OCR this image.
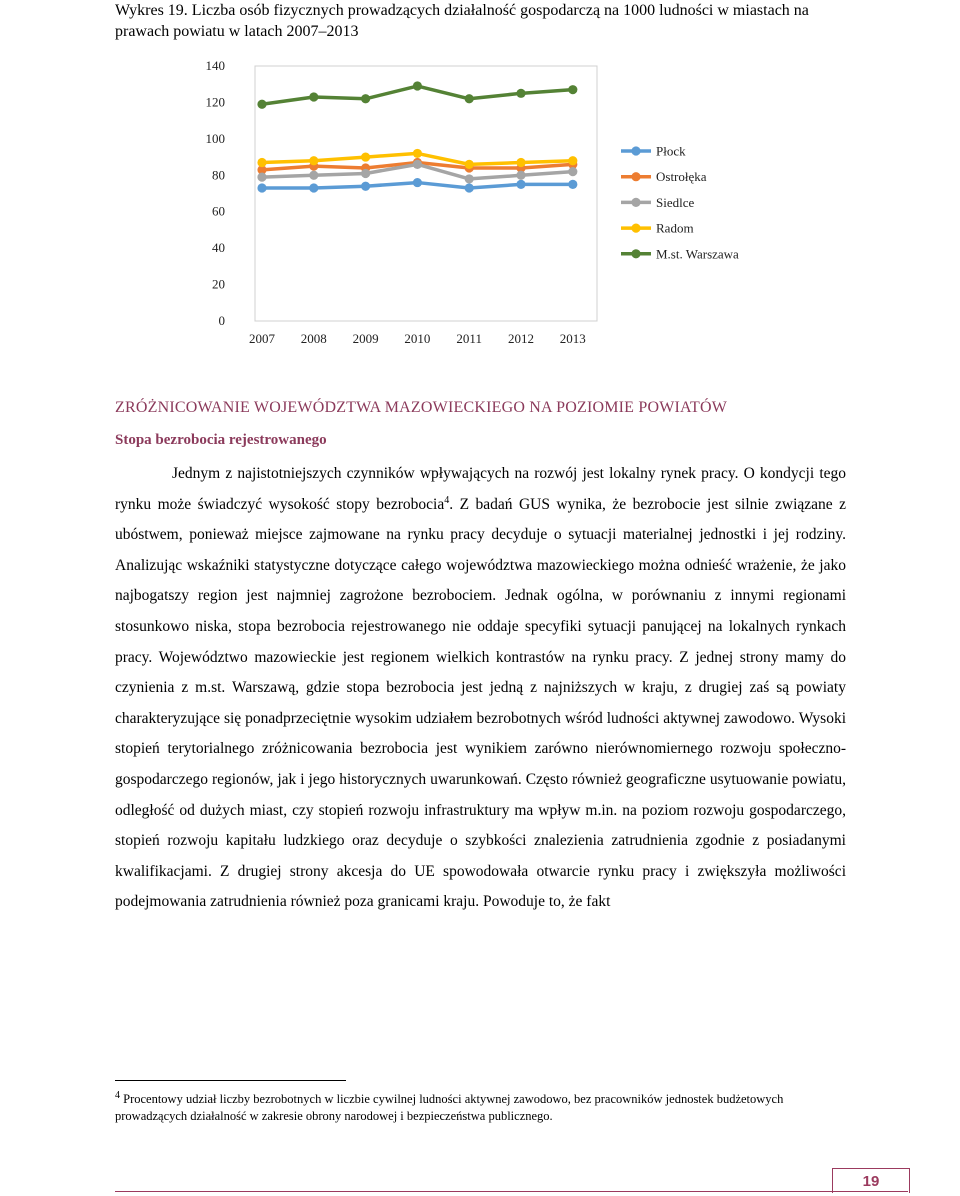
Wykres 19. Liczba osób fizycznych prowadzących działalność gospodarczą na 1000 ludności w miastach na prawach powiatu w latach 2007–2013
0
20
40
60
80
100
120
140
2007 2008 2009 2010 2011 2012 2013
Płock
Ostrołęka
Siedlce
Radom
M.st. Warszawa
ZRÓŻNICOWANIE WOJEWÓDZTWA MAZOWIECKIEGO NA POZIOMIE POWIATÓW
Stopa bezrobocia rejestrowanego

Jednym z najistotniejszych czynników wpływających na rozwój jest lokalny rynek pracy. O kondycji tego rynku może świadczyć wysokość stopy bezrobocia$^4$. Z badań GUS wynika, że bezrobocie jest silnie związane z ubóstwem, ponieważ miejsce zajmowane na rynku pracy decyduje o sytuacji materialnej jednostki i jej rodziny. Analizując wskaźniki statystyczne dotyczące całego województwa mazowieckiego można odnieść wrażenie, że jako najbogatszy region jest najmniej zagrożone bezrobociem. Jednak ogólna, w porównaniu z innymi regionami stosunkowo niska, stopa bezrobocia rejestrowanego nie oddaje specyfiki sytuacji panującej na lokalnych rynkach pracy. Województwo mazowieckie jest regionem wielkich kontrastów na rynku pracy. Z jednej strony mamy do czynienia z m.st. Warszawą, gdzie stopa bezrobocia jest jedną z najniższych w kraju, z drugiej zaś są powiaty charakteryzujące się ponadprzeciętnie wysokim udziałem bezrobotnych wśród ludności aktywnej zawodowo. Wysoki stopień terytorialnego zróżnicowania bezrobocia jest wynikiem zarówno nierównomiernego rozwoju społeczno-gospodarczego regionów, jak i jego historycznych uwarunkowań. Często również geograficzne usytuowanie powiatu, odległość od dużych miast, czy stopień rozwoju infrastruktury ma wpływ m.in. na poziom rozwoju gospodarczego, stopień rozwoju kapitału ludzkiego oraz decyduje o szybkości znalezienia zatrudnienia zgodnie z posiadanymi kwalifikacjami. Z drugiej strony akcesja do UE spowodowała otwarcie rynku pracy i zwiększyła możliwości podejmowania zatrudnienia również poza granicami kraju. Powoduje to, że fakt

$^4$ Procentowy udział liczby bezrobotnych w liczbie cywilnej ludności aktywnej zawodowo, bez pracowników jednostek budżetowych prowadzących działalność w zakresie obrony narodowej i bezpieczeństwa publicznego.
19
